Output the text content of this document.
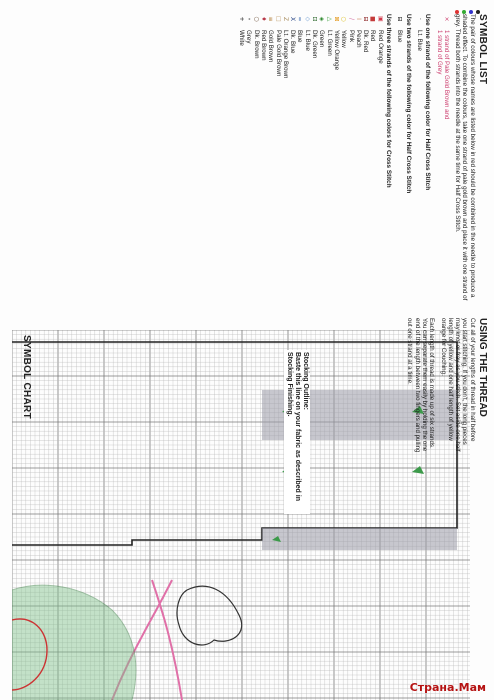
SYMBOL LIST

The pair of colours whose names are listed below in red should be combined in the needle to produce a shaded effect. To combine the colours, take one strand of pale gold brown and place it with one strand of grey. Thread both strands into the needle at the same time for Half Cross Stitch.

×
1 strand of Pale Gold Brown and
1 strand of Grey
Use one strand of the following color for Half Cross Stitch
·
Lt. Blue
Use two strands of the following color for Half Cross Stitch
⊟
Blue
Use three strands of the following colors for Cross Stitch
▣
Red Orange
■
Red
⊟
Dk. Red
I
Peach
/
Pink
○
Yellow
⊠
Yellow Orange
△
Lt. Green
◈
Green
⊡
Dk. Green
◇
Lt. Blue
=
Blue
X
Dk. Blue
Z
Lt. Orange Brown
□
Pale Gold Brown
≡
Gold Brown
♦
Red Brown
○
Dk. Brown
•
Grey
+
White
USING THE THREAD

Cut all of your lengths of thread in half before you start stitching. If you don't, the long pieces may knot or fray as you stitch. Set aside one half length of yellow and one half length of yellow orange for Couching.

Each length of thread is made up of six strands. You can separate them easily by holding the one end of the length between two fingers and pulling out one strand at a time.

SYMBOL CHART	Stocking Outline:
Baste this line on your fabric as described in Stocking Finishing.
Страна.Мам
